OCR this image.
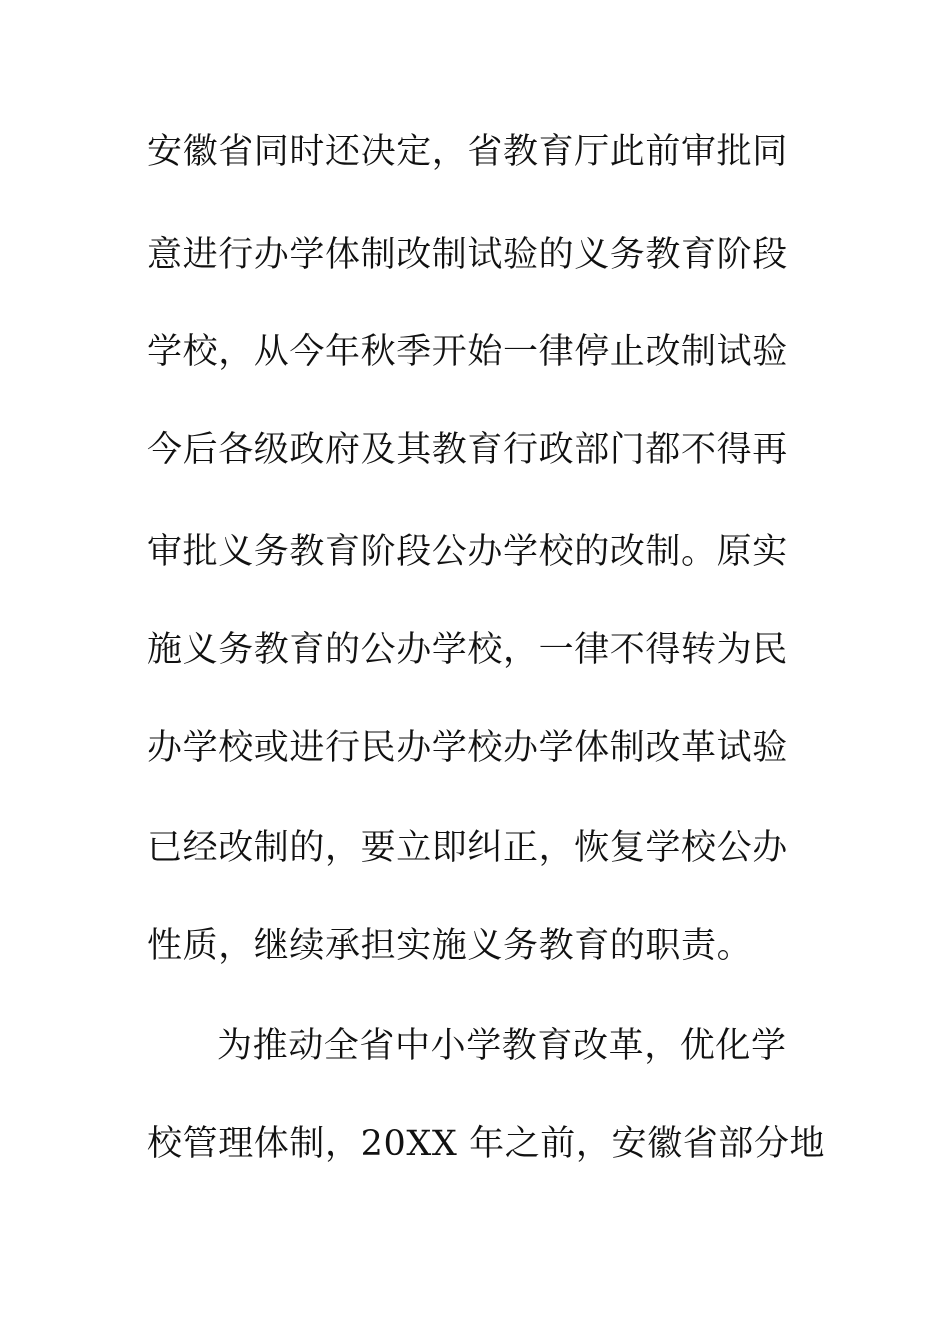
安徽省同时还决定，省教育厅此前审批同
意进行办学体制改制试验的义务教育阶段
学校，从今年秋季开始一律停止改制试验
今后各级政府及其教育行政部门都不得再
审批义务教育阶段公办学校的改制。原实
施义务教育的公办学校，一律不得转为民
办学校或进行民办学校办学体制改革试验
已经改制的，要立即纠正，恢复学校公办
性质，继续承担实施义务教育的职责。
为推动全省中小学教育改革，优化学
校管理体制，20XX 年之前，安徽省部分地
